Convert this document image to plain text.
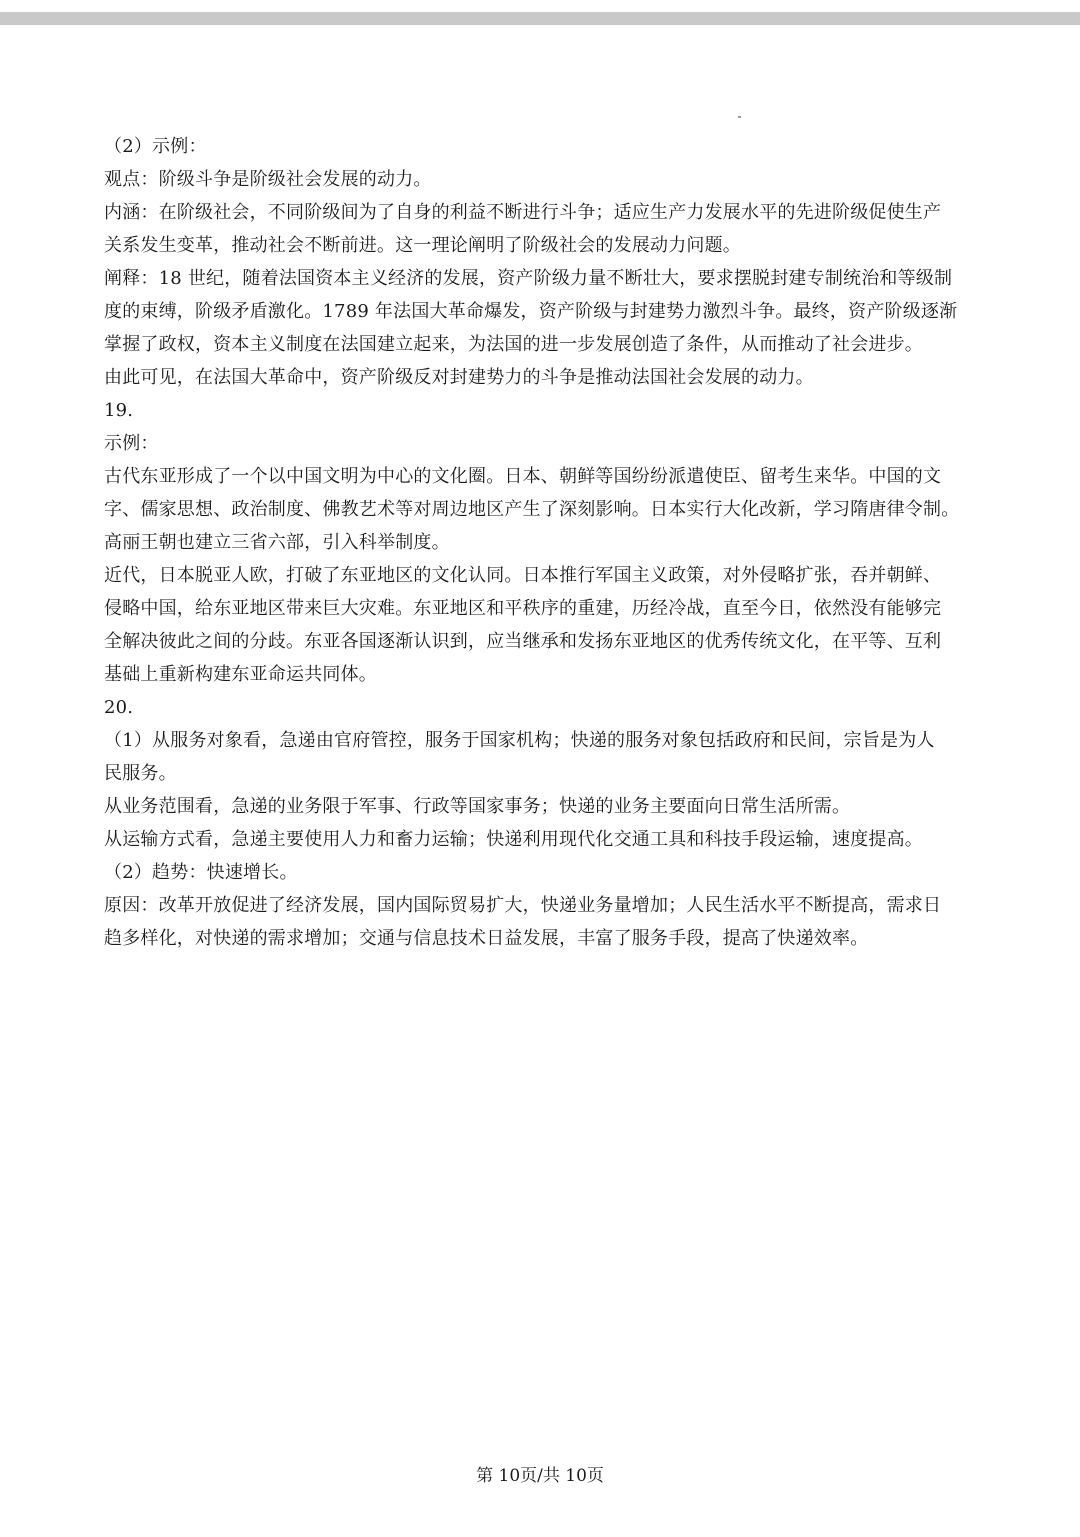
（2）示例：
观点：阶级斗争是阶级社会发展的动力。
内涵：在阶级社会，不同阶级间为了自身的利益不断进行斗争；适应生产力发展水平的先进阶级促使生产
关系发生变革，推动社会不断前进。这一理论阐明了阶级社会的发展动力问题。
阐释：18 世纪，随着法国资本主义经济的发展，资产阶级力量不断壮大，要求摆脱封建专制统治和等级制
度的束缚，阶级矛盾激化。1789 年法国大革命爆发，资产阶级与封建势力激烈斗争。最终，资产阶级逐渐
掌握了政权，资本主义制度在法国建立起来，为法国的进一步发展创造了条件，从而推动了社会进步。
由此可见，在法国大革命中，资产阶级反对封建势力的斗争是推动法国社会发展的动力。
19.
示例：
古代东亚形成了一个以中国文明为中心的文化圈。日本、朝鲜等国纷纷派遣使臣、留考生来华。中国的文
字、儒家思想、政治制度、佛教艺术等对周边地区产生了深刻影响。日本实行大化改新，学习隋唐律令制。
高丽王朝也建立三省六部，引入科举制度。
近代，日本脱亚人欧，打破了东亚地区的文化认同。日本推行军国主义政策，对外侵略扩张，吞并朝鲜、
侵略中国，给东亚地区带来巨大灾难。东亚地区和平秩序的重建，历经冷战，直至今日，依然没有能够完
全解决彼此之间的分歧。东亚各国逐渐认识到，应当继承和发扬东亚地区的优秀传统文化，在平等、互利
基础上重新构建东亚命运共同体。
20.
（1）从服务对象看，急递由官府管控，服务于国家机构；快递的服务对象包括政府和民间，宗旨是为人
民服务。
从业务范围看，急递的业务限于军事、行政等国家事务；快递的业务主要面向日常生活所需。
从运输方式看，急递主要使用人力和畜力运输；快递利用现代化交通工具和科技手段运输，速度提高。
（2）趋势：快速增长。
原因：改革开放促进了经济发展，国内国际贸易扩大，快递业务量增加；人民生活水平不断提高，需求日
趋多样化，对快递的需求增加；交通与信息技术日益发展，丰富了服务手段，提高了快递效率。
第 10页/共 10页
